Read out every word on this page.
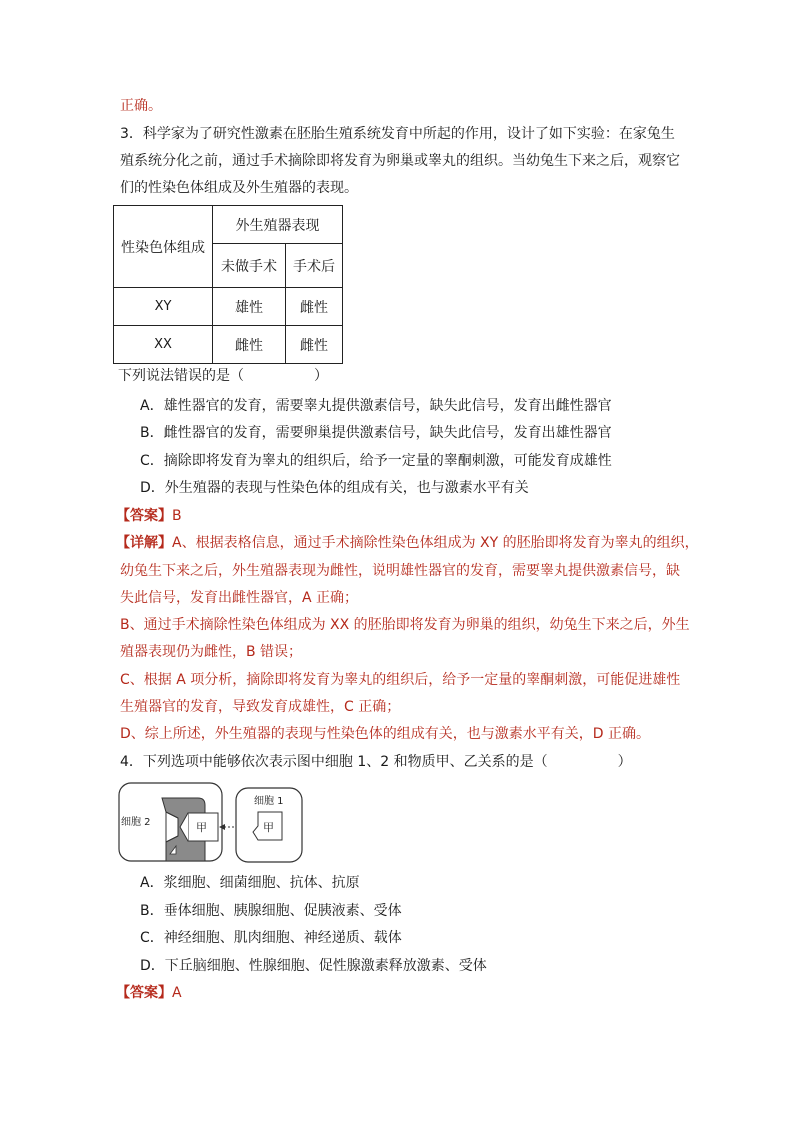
正确。
3．科学家为了研究性激素在胚胎生殖系统发育中所起的作用，设计了如下实验：在家兔生
殖系统分化之前，通过手术摘除即将发育为卵巢或睾丸的组织。当幼兔生下来之后，观察它
们的性染色体组成及外生殖器的表现。
性染色体组成	外生殖器表现	
	未做手术	手术后
XY	雄性	雌性
XX	雌性	雌性
下列说法错误的是（　　　　　）
A．雄性器官的发育，需要睾丸提供激素信号，缺失此信号，发育出雌性器官
B．雌性器官的发育，需要卵巢提供激素信号，缺失此信号，发育出雄性器官
C．摘除即将发育为睾丸的组织后，给予一定量的睾酮刺激，可能发育成雄性
D．外生殖器的表现与性染色体的组成有关，也与激素水平有关
【答案】B
【详解】A、根据表格信息，通过手术摘除性染色体组成为 XY 的胚胎即将发育为睾丸的组织，
幼兔生下来之后，外生殖器表现为雌性，说明雄性器官的发育，需要睾丸提供激素信号，缺
失此信号，发育出雌性器官，A 正确；
B、通过手术摘除性染色体组成为 XX 的胚胎即将发育为卵巢的组织，幼兔生下来之后，外生
殖器表现仍为雌性，B 错误；
C、根据 A 项分析，摘除即将发育为睾丸的组织后，给予一定量的睾酮刺激，可能促进雄性
生殖器官的发育，导致发育成雄性，C 正确；
D、综上所述，外生殖器的表现与性染色体的组成有关，也与激素水平有关，D 正确。
4．下列选项中能够依次表示图中细胞 1、2 和物质甲、乙关系的是（　　　　　）
细胞 2	甲
细胞 1
甲
A．浆细胞、细菌细胞、抗体、抗原
B．垂体细胞、胰腺细胞、促胰液素、受体
C．神经细胞、肌肉细胞、神经递质、载体
D．下丘脑细胞、性腺细胞、促性腺激素释放激素、受体
【答案】A
